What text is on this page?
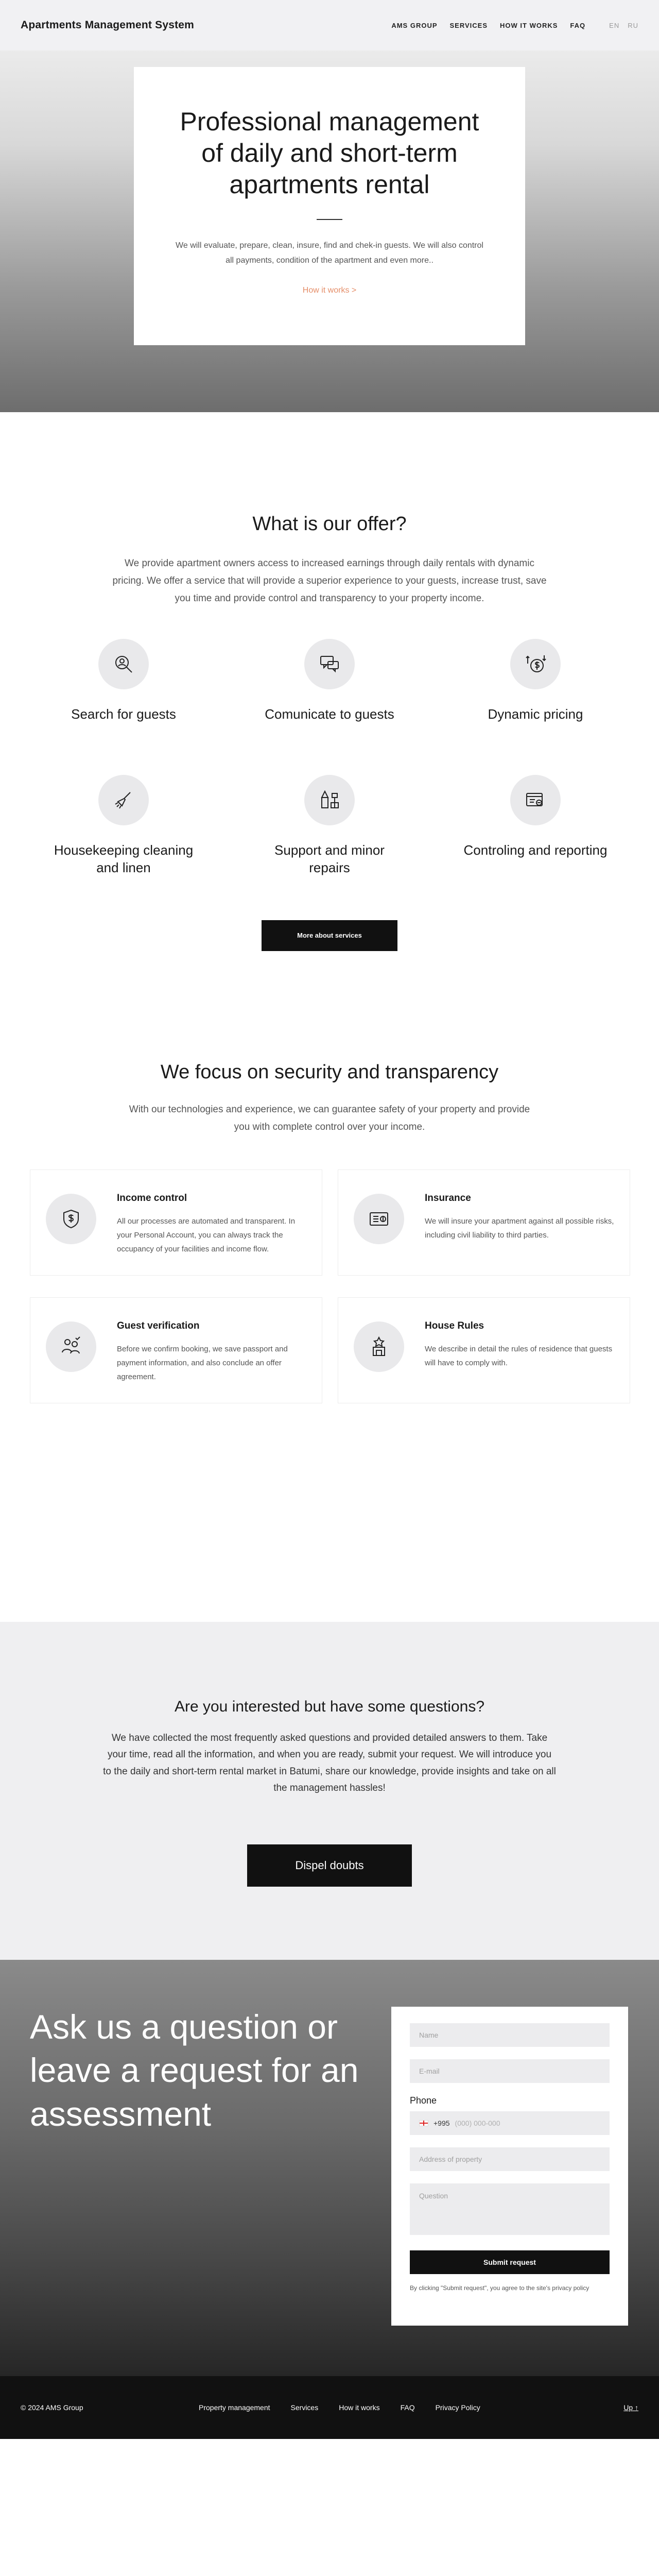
Apartments Management System	AMS GROUP SERVICES HOW IT WORKS FAQ	EN RU
Professional management of daily and short-term apartments rental

We will evaluate, prepare, clean, insure, find and chek-in guests. We will also control all payments, condition of the apartment and even more..

How it works >
What is our offer?

We provide apartment owners access to increased earnings through daily rentals with dynamic pricing. We offer a service that will provide a superior experience to your guests, increase trust, save you time and provide control and transparency to your property income.

Search for guests	Comunicate to guests	Dynamic pricing
Housekeeping cleaning and linen
Support and minor repairs
Controling and reporting
More about services
We focus on security and transparency

With our technologies and experience, we can guarantee safety of your property and provide you with complete control over your income.

Income control
All our processes are automated and transparent. In your Personal Account, you can always track the occupancy of your facilities and income flow.
Insurance
We will insure your apartment against all possible risks, including civil liability to third parties.
Guest verification
Before we confirm booking, we save passport and payment information, and also conclude an offer agreement.
House Rules
We describe in detail the rules of residence that guests will have to comply with.
Are you interested but have some questions?

We have collected the most frequently asked questions and provided detailed answers to them. Take your time, read all the information, and when you are ready, submit your request. We will introduce you to the daily and short-term rental market in Batumi, share our knowledge, provide insights and take on all the management hassles!

Dispel doubts
Ask us a question or leave a request for an assessment
Name
E-mail	Phone
+995 (000) 000-000
Address of property
Question Submit request

By clicking "Submit request", you agree to the site's privacy policy

© 2024 AMS Group	Property management	Services	How it works	FAQ	Privacy Policy	Up ↑
